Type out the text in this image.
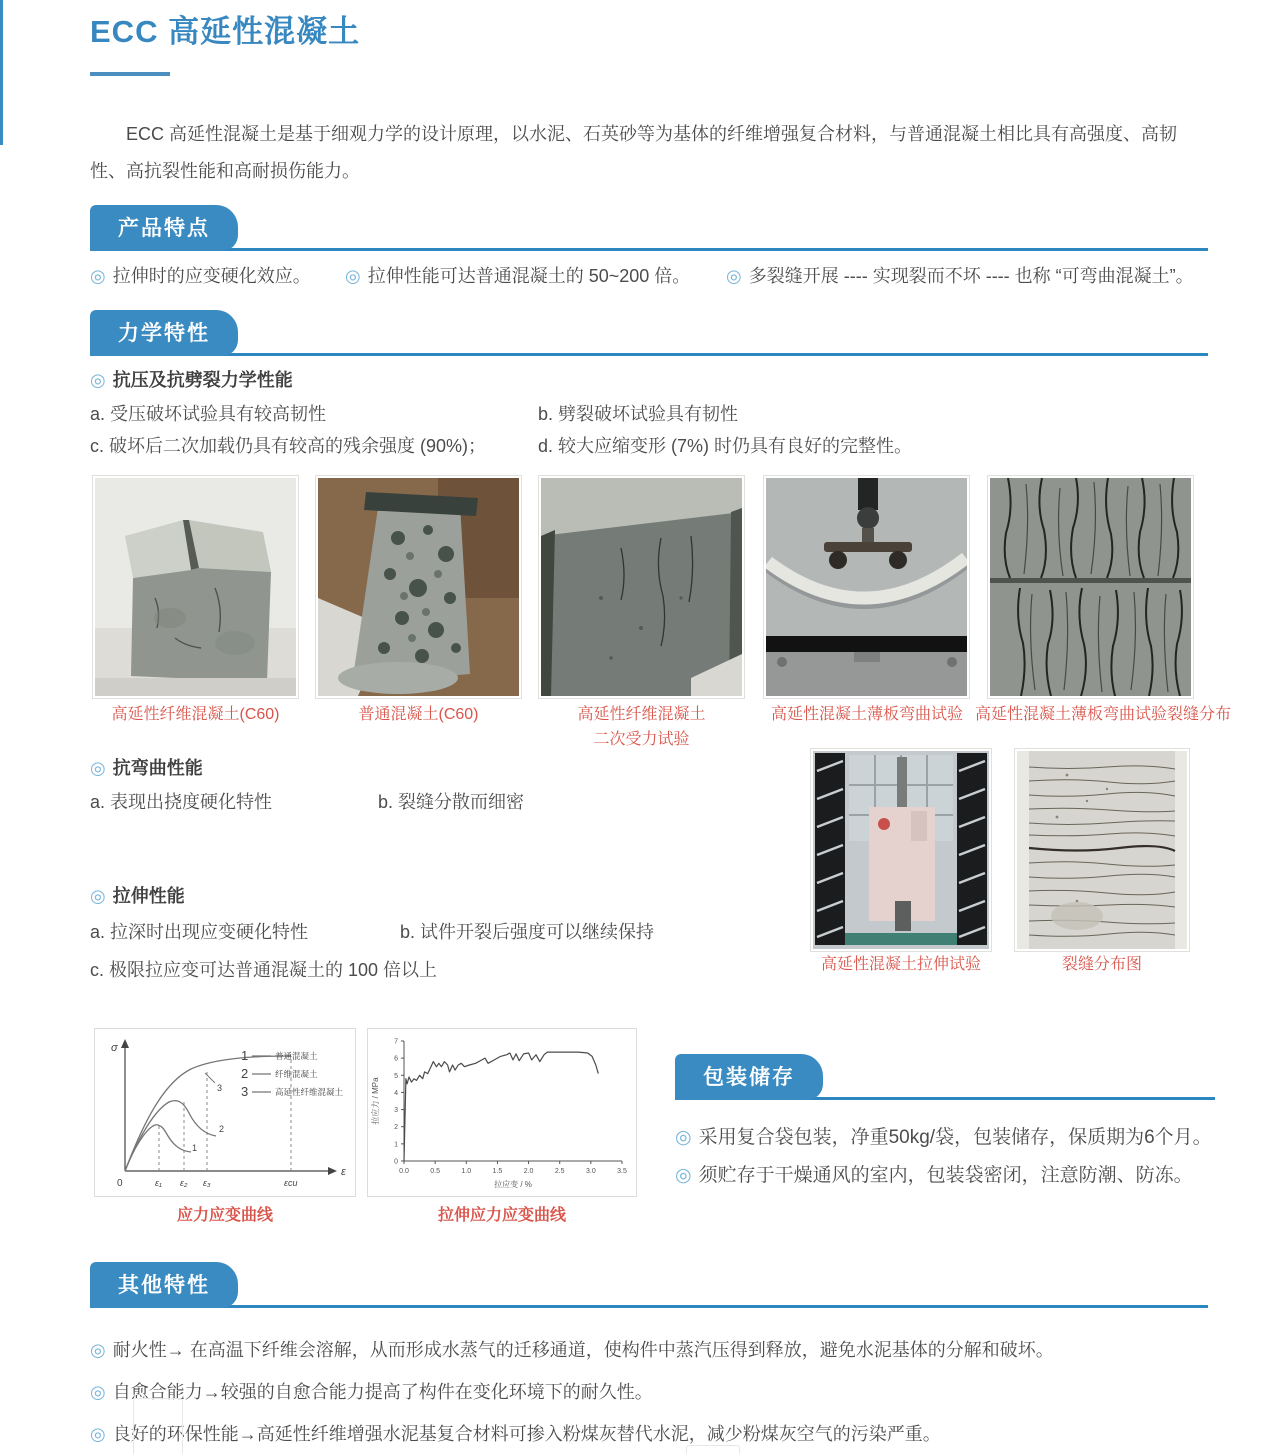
ECC 高延性混凝土
ECC 高延性混凝土是基于细观力学的设计原理，以水泥、石英砂等为基体的纤维增强复合材料，与普通混凝土相比具有高强度、高韧性、高抗裂性能和高耐损伤能力。
产品特点
◎ 拉伸时的应变硬化效应。 ◎ 拉伸性能可达普通混凝土的 50~200 倍。 ◎ 多裂缝开展 ---- 实现裂而不坏 ---- 也称 “可弯曲混凝土”。
力学特性
◎ 抗压及抗劈裂力学性能
a. 受压破坏试验具有较高韧性	b. 劈裂破坏试验具有韧性
c. 破坏后二次加载仍具有较高的残余强度 (90%)；	d. 较大应缩变形 (7%) 时仍具有良好的完整性。
高延性纤维混凝土(C60)	普通混凝土(C60)	高延性纤维混凝土
二次受力试验
高延性混凝土薄板弯曲试验 高延性混凝土薄板弯曲试验裂缝分布
◎ 抗弯曲性能
a. 表现出挠度硬化特性	b. 裂缝分散而细密
◎ 拉伸性能
a. 拉深时出现应变硬化特性	b. 试件开裂后强度可以继续保持
c. 极限拉应变可达普通混凝土的 100 倍以上	高延性混凝土拉伸试验	裂缝分布图
σ
ε
0	ε₁ ε₂ ε₃	εcu
1
2
3
1	普通混凝土
2	纤维混凝土
3	高延性纤维混凝土
应力应变曲线
0
1
2
3
4
5
6
7
0.0	0.5	1.0	1.5	2.0	2.5	3.0	3.5
拉应力 / MPa
拉应变 / %
拉伸应力应变曲线
包装储存
◎ 采用复合袋包装，净重50kg/袋，包装储存，保质期为6个月。
◎ 须贮存于干燥通风的室内，包装袋密闭，注意防潮、防冻。
其他特性
◎ 耐火性→ 在高温下纤维会溶解，从而形成水蒸气的迁移通道，使构件中蒸汽压得到释放，避免水泥基体的分解和破坏。
◎ 自愈合能力→较强的自愈合能力提高了构件在变化环境下的耐久性。
◎ 良好的环保性能→高延性纤维增强水泥基复合材料可掺入粉煤灰替代水泥，减少粉煤灰空气的污染严重。
